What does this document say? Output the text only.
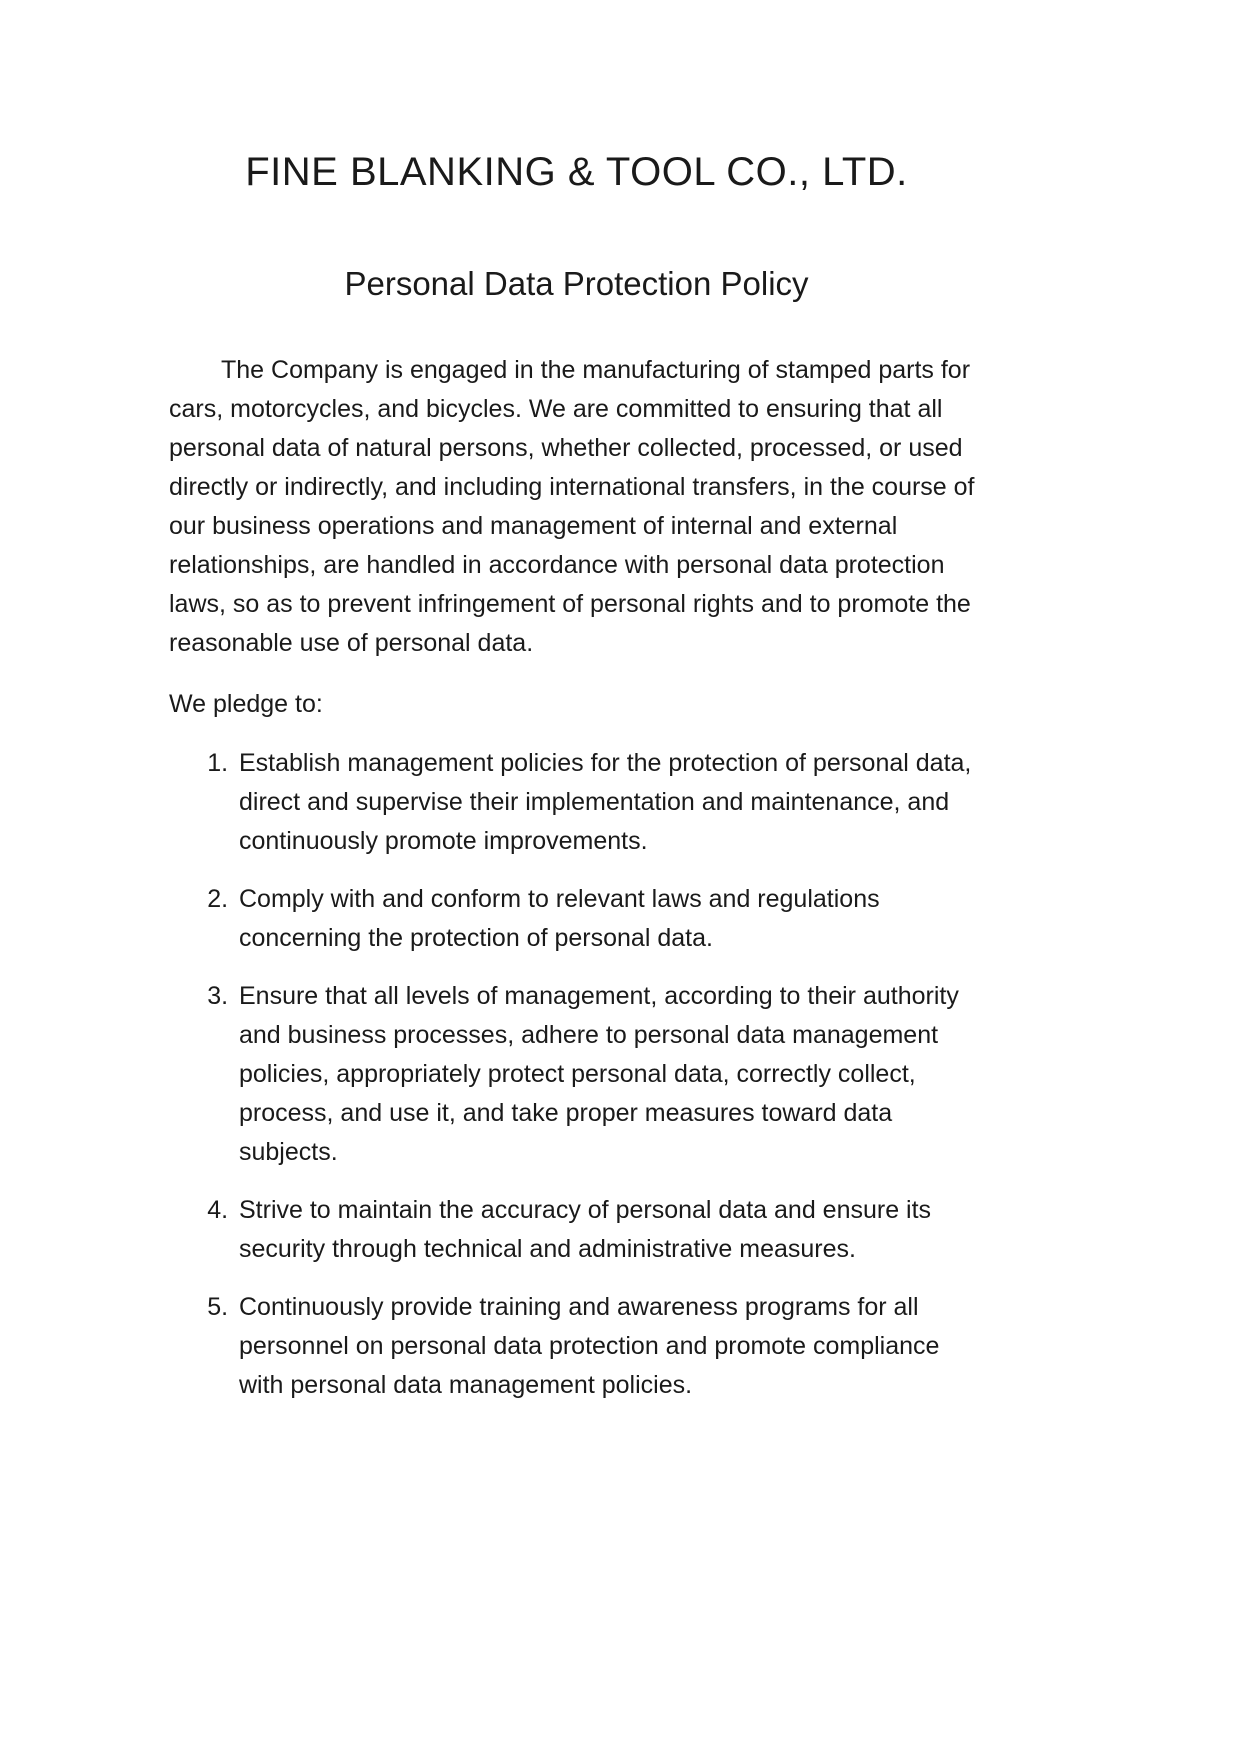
FINE BLANKING & TOOL CO., LTD.
Personal Data Protection Policy

The Company is engaged in the manufacturing of stamped parts for cars, motorcycles, and bicycles. We are committed to ensuring that all personal data of natural persons, whether collected, processed, or used directly or indirectly, and including international transfers, in the course of our business operations and management of internal and external relationships, are handled in accordance with personal data protection laws, so as to prevent infringement of personal rights and to promote the reasonable use of personal data.

We pledge to:

1. Establish management policies for the protection of personal data, direct and supervise their implementation and maintenance, and continuously promote improvements.
2. Comply with and conform to relevant laws and regulations concerning the protection of personal data.
3. Ensure that all levels of management, according to their authority and business processes, adhere to personal data management policies, appropriately protect personal data, correctly collect, process, and use it, and take proper measures toward data subjects.
4. Strive to maintain the accuracy of personal data and ensure its security through technical and administrative measures.
5. Continuously provide training and awareness programs for all personnel on personal data protection and promote compliance with personal data management policies.
